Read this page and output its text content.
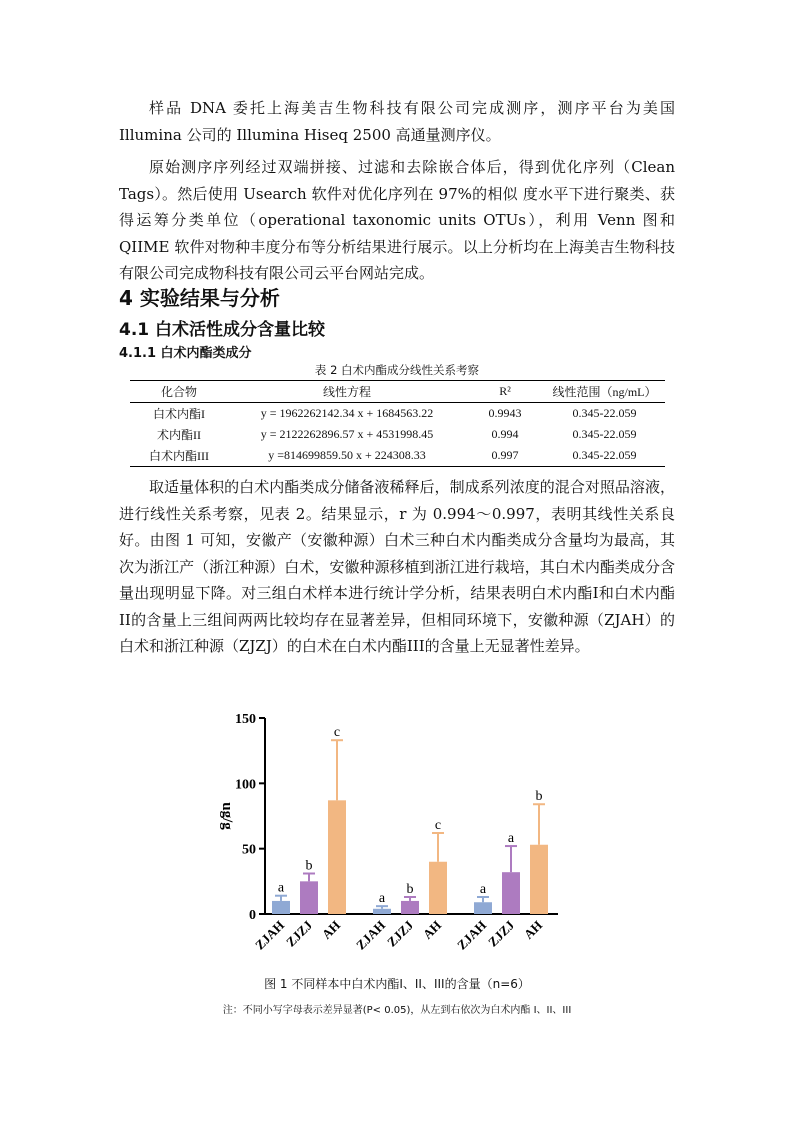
样品 DNA 委托上海美吉生物科技有限公司完成测序，测序平台为美国 Illumina 公司的 Illumina Hiseq 2500 高通量测序仪。

原始测序序列经过双端拼接、过滤和去除嵌合体后，得到优化序列（Clean Tags）。然后使用 Usearch 软件对优化序列在 97%的相似 度水平下进行聚类、获得运筹分类单位（operational taxonomic units OTUs），利用 Venn 图和 QIIME 软件对物种丰度分布等分析结果进行展示。以上分析均在上海美吉生物科技有限公司完成物科技有限公司云平台网站完成。

4 实验结果与分析
4.1 白术活性成分含量比较
4.1.1 白术内酯类成分
表 2 白术内酯成分线性关系考察
化合物	线性方程	R²	线性范围（ng/mL）
白术内酯I	y = 1962262142.34 x + 1684563.22	0.9943	0.345-22.059
术内酯II	y = 2122262896.57 x + 4531998.45	0.994	0.345-22.059
白术内酯III	y =814699859.50 x + 224308.33	0.997	0.345-22.059

取适量体积的白术内酯类成分储备液稀释后，制成系列浓度的混合对照品溶液，进行线性关系考察，见表 2。结果显示，r 为 0.994～0.997，表明其线性关系良好。由图 1 可知，安徽产（安徽种源）白术三种白术内酯类成分含量均为最高，其次为浙江产（浙江种源）白术，安徽种源移植到浙江进行栽培，其白术内酯类成分含量出现明显下降。对三组白术样本进行统计学分析，结果表明白术内酯I和白术内酯II的含量上三组间两两比较均存在显著差异，但相同环境下，安徽种源（ZJAH）的白术和浙江种源（ZJZJ）的白术在白术内酯III的含量上无显著性差异。

0
50
100
150
ug/g
a
ZJAH
b
ZJZJ
c
AH
a
ZJAH
b
ZJZJ
c
AH
a
ZJAH
a
ZJZJ
b
AH
图 1 不同样本中白术内酯I、II、III的含量（n=6）
注：不同小写字母表示差异显著(P< 0.05)，从左到右依次为白术内酯 I、II、III
